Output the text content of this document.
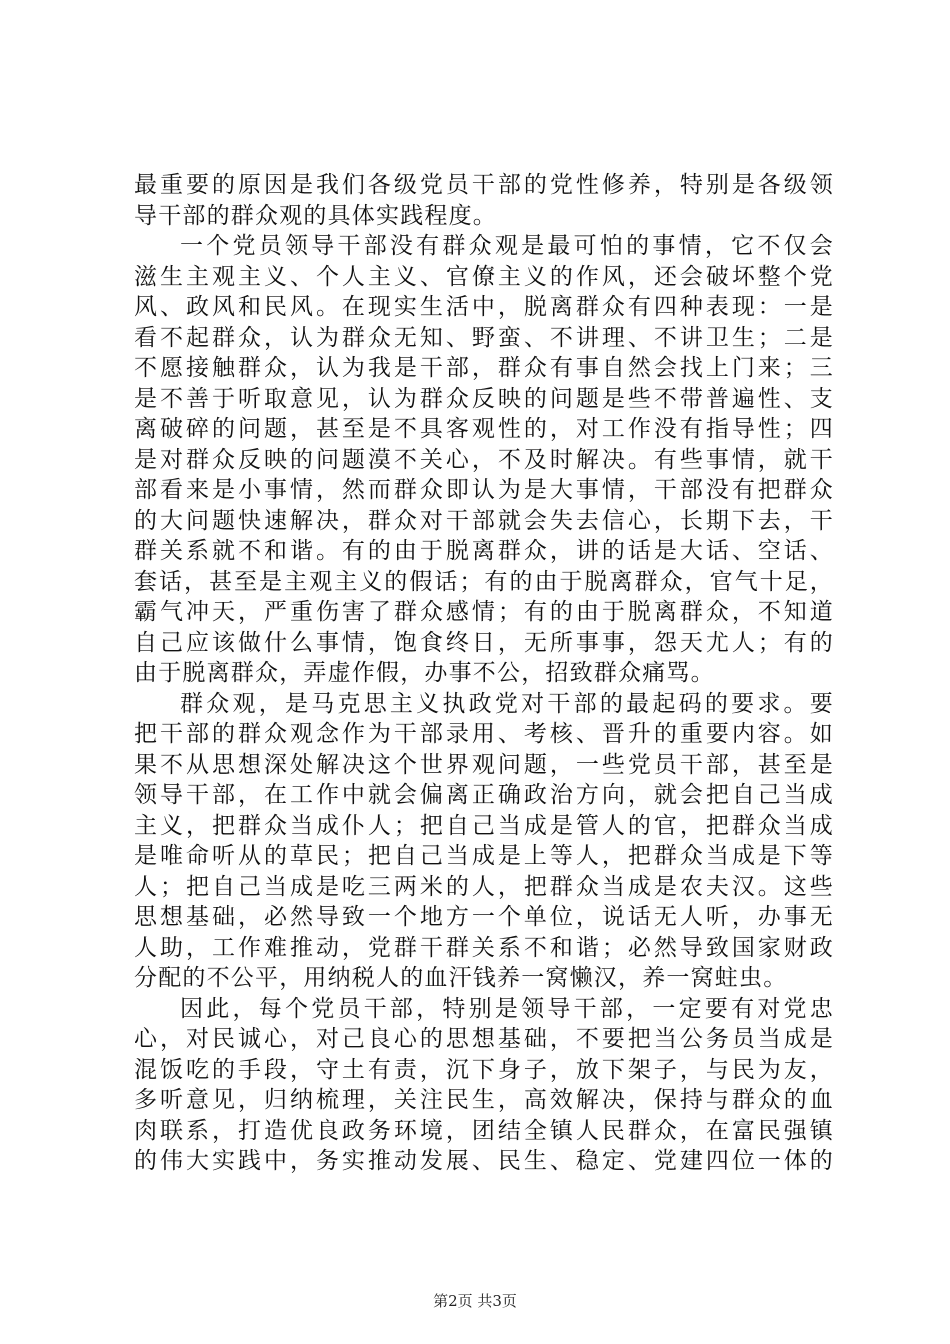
最重要的原因是我们各级党员干部的党性修养，特别是各级领
导干部的群众观的具体实践程度。
一个党员领导干部没有群众观是最可怕的事情，它不仅会
滋生主观主义、个人主义、官僚主义的作风，还会破坏整个党
风、政风和民风。在现实生活中，脱离群众有四种表现：一是
看不起群众，认为群众无知、野蛮、不讲理、不讲卫生；二是
不愿接触群众，认为我是干部，群众有事自然会找上门来；三
是不善于听取意见，认为群众反映的问题是些不带普遍性、支
离破碎的问题，甚至是不具客观性的，对工作没有指导性；四
是对群众反映的问题漠不关心，不及时解决。有些事情，就干
部看来是小事情，然而群众即认为是大事情，干部没有把群众
的大问题快速解决，群众对干部就会失去信心，长期下去，干
群关系就不和谐。有的由于脱离群众，讲的话是大话、空话、
套话，甚至是主观主义的假话；有的由于脱离群众，官气十足，
霸气冲天，严重伤害了群众感情；有的由于脱离群众，不知道
自己应该做什么事情，饱食终日，无所事事，怨天尤人；有的
由于脱离群众，弄虚作假，办事不公，招致群众痛骂。
群众观，是马克思主义执政党对干部的最起码的要求。要
把干部的群众观念作为干部录用、考核、晋升的重要内容。如
果不从思想深处解决这个世界观问题，一些党员干部，甚至是
领导干部，在工作中就会偏离正确政治方向，就会把自己当成
主义，把群众当成仆人；把自己当成是管人的官，把群众当成
是唯命听从的草民；把自己当成是上等人，把群众当成是下等
人；把自己当成是吃三两米的人，把群众当成是农夫汉。这些
思想基础，必然导致一个地方一个单位，说话无人听，办事无
人助，工作难推动，党群干群关系不和谐；必然导致国家财政
分配的不公平，用纳税人的血汗钱养一窝懒汉，养一窝蛀虫。
因此，每个党员干部，特别是领导干部，一定要有对党忠
心，对民诚心，对己良心的思想基础，不要把当公务员当成是
混饭吃的手段，守土有责，沉下身子，放下架子，与民为友，
多听意见，归纳梳理，关注民生，高效解决，保持与群众的血
肉联系，打造优良政务环境，团结全镇人民群众，在富民强镇
的伟大实践中，务实推动发展、民生、稳定、党建四位一体的
第2页 共3页
